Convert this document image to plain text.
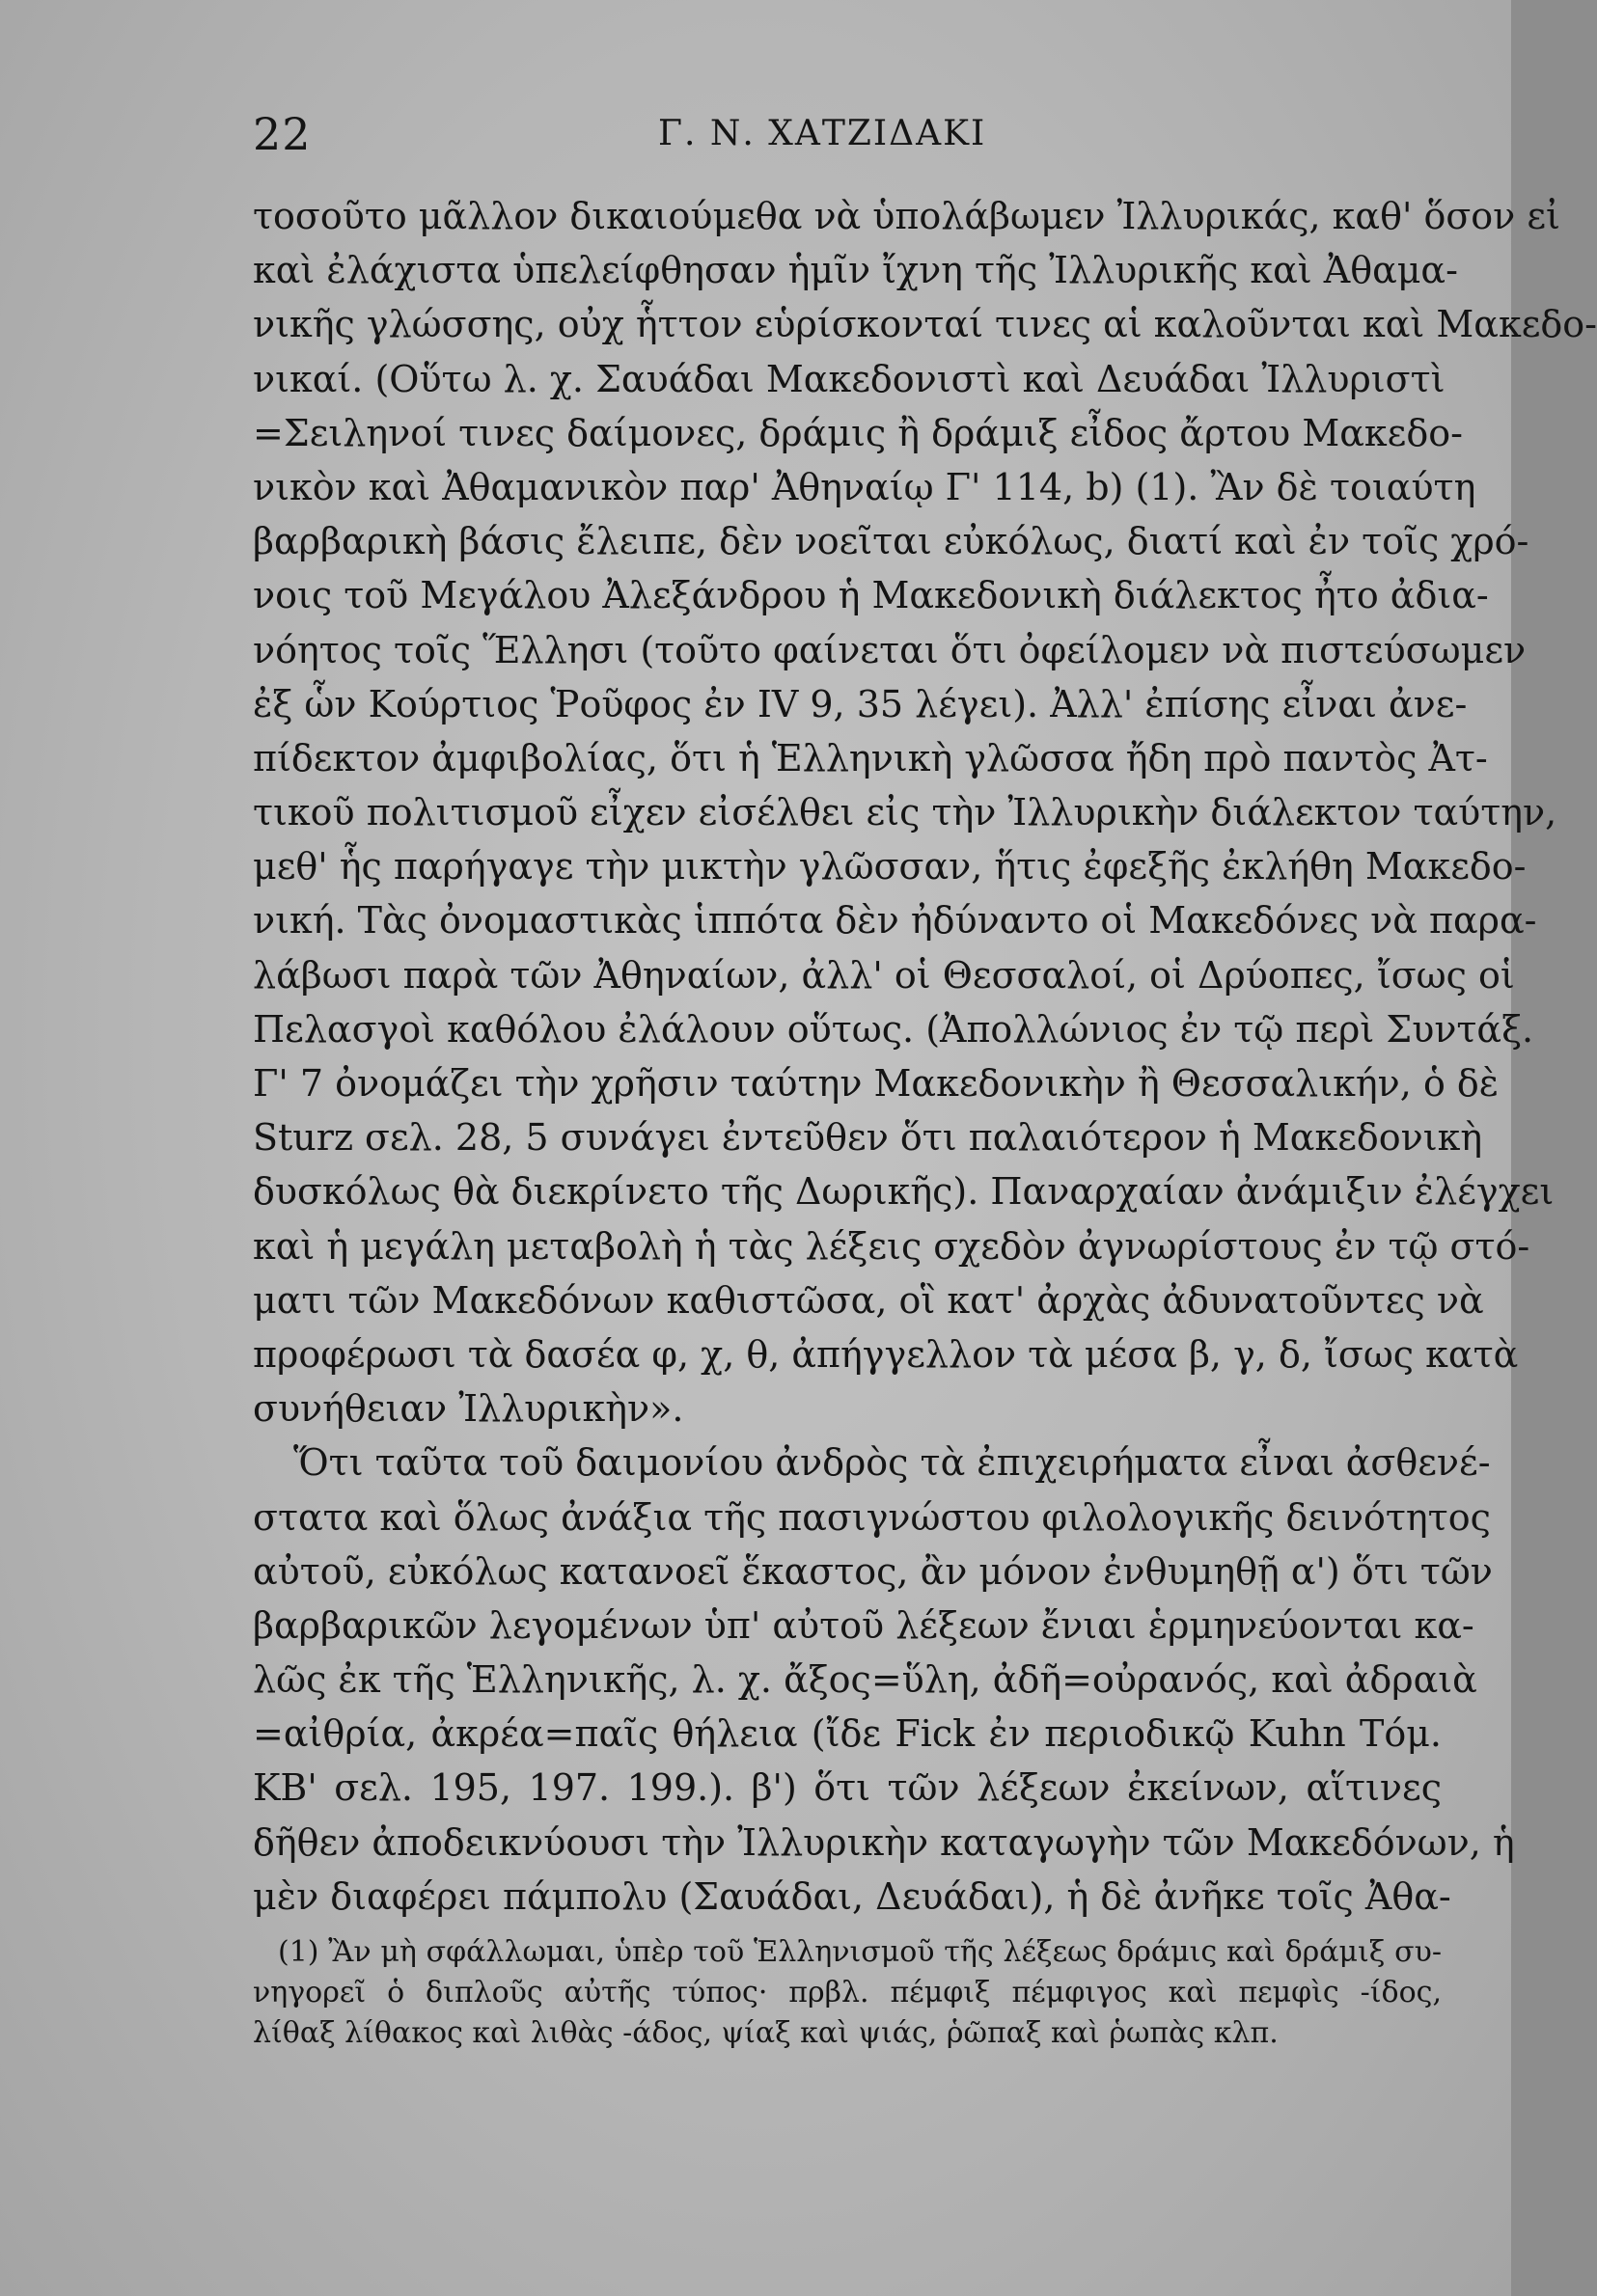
22	Γ. Ν. ΧΑΤΖΙΔΑΚΙ
τοσοῦτο μᾶλλον δικαιούμεθα νὰ ὑπολάβωμεν Ἰλλυρικάς, καθ' ὅσον εἰ
καὶ ἐλάχιστα ὑπελείφθησαν ἡμῖν ἴχνη τῆς Ἰλλυρικῆς καὶ Ἀθαμα-
νικῆς γλώσσης, οὐχ ἧττον εὑρίσκονταί τινες αἱ καλοῦνται καὶ Μακεδο-
νικαί. (Οὕτω λ. χ. Σαυάδαι Μακεδονιστὶ καὶ Δευάδαι Ἰλλυριστὶ
=Σειληνοί τινες δαίμονες, δράμις ἢ δράμιξ εἶδος ἄρτου Μακεδο-
νικὸν καὶ Ἀθαμανικὸν παρ' Ἀθηναίῳ Γ' 114, b) (1). Ἂν δὲ τοιαύτη
βαρβαρικὴ βάσις ἔλειπε, δὲν νοεῖται εὐκόλως, διατί καὶ ἐν τοῖς χρό-
νοις τοῦ Μεγάλου Ἀλεξάνδρου ἡ Μακεδονικὴ διάλεκτος ἦτο ἀδια-
νόητος τοῖς Ἕλλησι (τοῦτο φαίνεται ὅτι ὀφείλομεν νὰ πιστεύσωμεν
ἐξ ὧν Κούρτιος Ῥοῦφος ἐν IV 9, 35 λέγει). Ἀλλ' ἐπίσης εἶναι ἀνε-
πίδεκτον ἀμφιβολίας, ὅτι ἡ Ἑλληνικὴ γλῶσσα ἤδη πρὸ παντὸς Ἀτ-
τικοῦ πολιτισμοῦ εἶχεν εἰσέλθει εἰς τὴν Ἰλλυρικὴν διάλεκτον ταύτην,
μεθ' ἧς παρήγαγε τὴν μικτὴν γλῶσσαν, ἥτις ἐφεξῆς ἐκλήθη Μακεδο-
νική. Τὰς ὀνομαστικὰς ἱππότα δὲν ἠδύναντο οἱ Μακεδόνες νὰ παρα-
λάβωσι παρὰ τῶν Ἀθηναίων, ἀλλ' οἱ Θεσσαλοί, οἱ Δρύοπες, ἴσως οἱ
Πελασγοὶ καθόλου ἐλάλουν οὕτως. (Ἀπολλώνιος ἐν τῷ περὶ Συντάξ.
Γ' 7 ὀνομάζει τὴν χρῆσιν ταύτην Μακεδονικὴν ἢ Θεσσαλικήν, ὁ δὲ
Sturz σελ. 28, 5 συνάγει ἐντεῦθεν ὅτι παλαιότερον ἡ Μακεδονικὴ
δυσκόλως θὰ διεκρίνετο τῆς Δωρικῆς). Παναρχαίαν ἀνάμιξιν ἐλέγχει
καὶ ἡ μεγάλη μεταβολὴ ἡ τὰς λέξεις σχεδὸν ἀγνωρίστους ἐν τῷ στό-
ματι τῶν Μακεδόνων καθιστῶσα, οἳ κατ' ἀρχὰς ἀδυνατοῦντες νὰ
προφέρωσι τὰ δασέα φ, χ, θ, ἀπήγγελλον τὰ μέσα β, γ, δ, ἴσως κατὰ
συνήθειαν Ἰλλυρικὴν».
Ὅτι ταῦτα τοῦ δαιμονίου ἀνδρὸς τὰ ἐπιχειρήματα εἶναι ἀσθενέ-
στατα καὶ ὅλως ἀνάξια τῆς πασιγνώστου φιλολογικῆς δεινότητος
αὐτοῦ, εὐκόλως κατανοεῖ ἕκαστος, ἂν μόνον ἐνθυμηθῇ α') ὅτι τῶν
βαρβαρικῶν λεγομένων ὑπ' αὐτοῦ λέξεων ἔνιαι ἑρμηνεύονται κα-
λῶς ἐκ τῆς Ἑλληνικῆς, λ. χ. ἄξος=ὕλη, ἀδῆ=οὐρανός, καὶ ἀδραιὰ
=αἰθρία, ἀκρέα=παῖς θήλεια (ἴδε Fick ἐν περιοδικῷ Kuhn Τόμ.
ΚΒ' σελ. 195, 197. 199.). β') ὅτι τῶν λέξεων ἐκείνων, αἵτινες
δῆθεν ἀποδεικνύουσι τὴν Ἰλλυρικὴν καταγωγὴν τῶν Μακεδόνων, ἡ
μὲν διαφέρει πάμπολυ (Σαυάδαι, Δευάδαι), ἡ δὲ ἀνῆκε τοῖς Ἀθα-
(1) Ἂν μὴ σφάλλωμαι, ὑπὲρ τοῦ Ἑλληνισμοῦ τῆς λέξεως δράμις καὶ δράμιξ συ-
νηγορεῖ ὁ διπλοῦς αὐτῆς τύπος· πρβλ. πέμφιξ πέμφιγος καὶ πεμφὶς -ίδος,
λίθαξ λίθακος καὶ λιθὰς -άδος, ψίαξ καὶ ψιάς, ῥῶπαξ καὶ ῥωπὰς κλπ.
